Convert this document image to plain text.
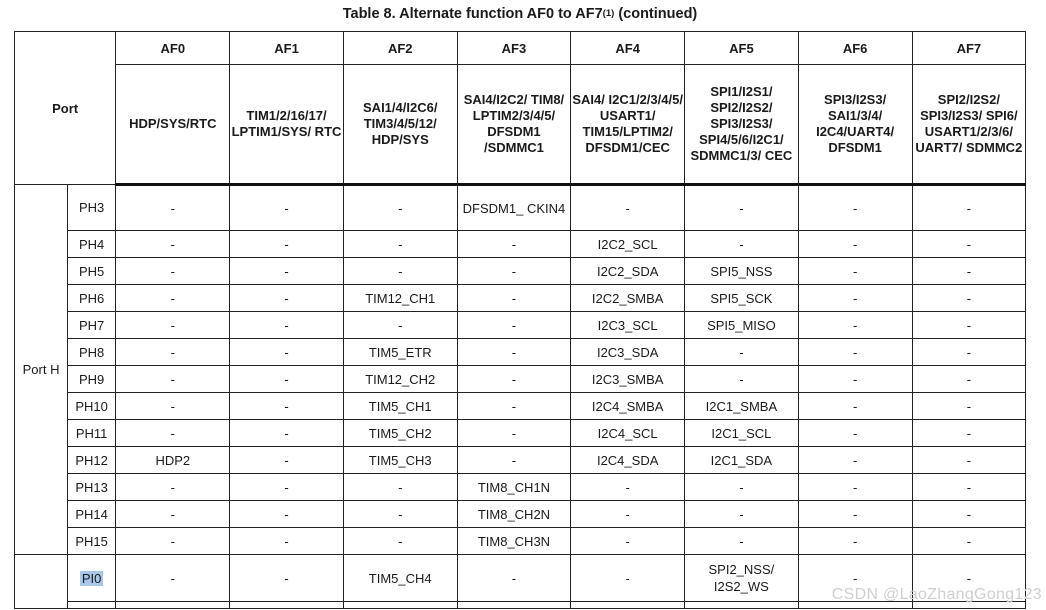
Table 8. Alternate function AF0 to AF7$^{(1)}$ (continued)
Port		AF0	AF1	AF2	AF3	AF4	AF5	AF6	AF7
		HDP/SYS/RTC	TIM1/2/16/17/ LPTIM1/SYS/ RTC	SAI1/4/I2C6/ TIM3/4/5/12/ HDP/SYS	SAI4/I2C2/ TIM8/ LPTIM2/3/4/5/ DFSDM1 /SDMMC1	SAI4/ I2C1/2/3/4/5/ USART1/ TIM15/LPTIM2/ DFSDM1/CEC	SPI1/I2S1/ SPI2/I2S2/ SPI3/I2S3/ SPI4/5/6/I2C1/ SDMMC1/3/ CEC	SPI3/I2S3/ SAI1/3/4/ I2C4/UART4/ DFSDM1	SPI2/I2S2/ SPI3/I2S3/ SPI6/ USART1/2/3/6/ UART7/ SDMMC2
Port H	PH3	-	-	-	DFSDM1_ CKIN4	-	-	-	-
	PH4	-	-	-	-	I2C2_SCL	-	-	-
	PH5	-	-	-	-	I2C2_SDA	SPI5_NSS	-	-
	PH6	-	-	TIM12_CH1	-	I2C2_SMBA	SPI5_SCK	-	-
	PH7	-	-	-	-	I2C3_SCL	SPI5_MISO	-	-
	PH8	-	-	TIM5_ETR	-	I2C3_SDA	-	-	-
	PH9	-	-	TIM12_CH2	-	I2C3_SMBA	-	-	-
	PH10	-	-	TIM5_CH1	-	I2C4_SMBA	I2C1_SMBA	-	-
	PH11	-	-	TIM5_CH2	-	I2C4_SCL	I2C1_SCL	-	-
	PH12	HDP2	-	TIM5_CH3	-	I2C4_SDA	I2C1_SDA	-	-
	PH13	-	-	-	TIM8_CH1N	-	-	-	-
	PH14	-	-	-	TIM8_CH2N	-	-	-	-
	PH15	-	-	-	TIM8_CH3N	-	-	-	-
	PI0	-	-	TIM5_CH4	-	-	SPI2_NSS/ I2S2_WS	-	-

CSDN @LaoZhangGong123
